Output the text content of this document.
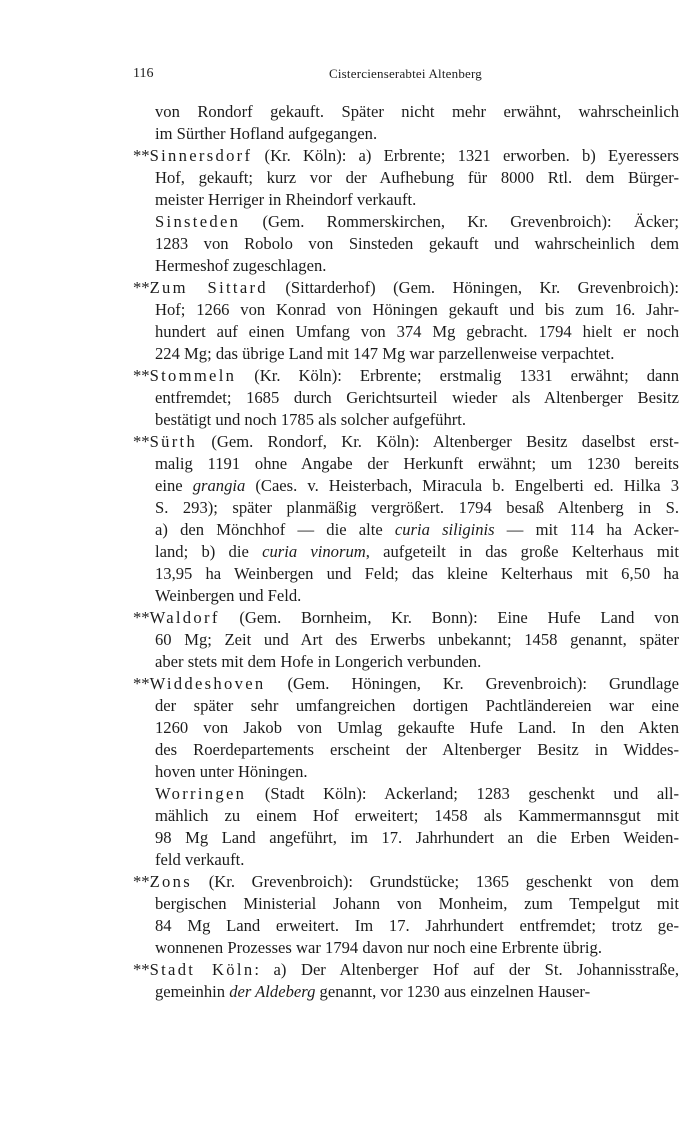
116	Cistercienserabtei Altenberg
von Rondorf gekauft. Später nicht mehr erwähnt, wahrscheinlich
im Sürther Hofland aufgegangen.
**Sinnersdorf (Kr. Köln): a) Erbrente; 1321 erworben. b) Eyeressers
Hof, gekauft; kurz vor der Aufhebung für 8000 Rtl. dem Bürger-
meister Herriger in Rheindorf verkauft.
Sinsteden (Gem. Rommerskirchen, Kr. Grevenbroich): Äcker;
1283 von Robolo von Sinsteden gekauft und wahrscheinlich dem
Hermeshof zugeschlagen.
**Zum Sittard (Sittarderhof) (Gem. Höningen, Kr. Grevenbroich):
Hof; 1266 von Konrad von Höningen gekauft und bis zum 16. Jahr-
hundert auf einen Umfang von 374 Mg gebracht. 1794 hielt er noch
224 Mg; das übrige Land mit 147 Mg war parzellenweise verpachtet.
**Stommeln (Kr. Köln): Erbrente; erstmalig 1331 erwähnt; dann
entfremdet; 1685 durch Gerichtsurteil wieder als Altenberger Besitz
bestätigt und noch 1785 als solcher aufgeführt.
**Sürth (Gem. Rondorf, Kr. Köln): Altenberger Besitz daselbst erst-
malig 1191 ohne Angabe der Herkunft erwähnt; um 1230 bereits
eine grangia (Caes. v. Heisterbach, Miracula b. Engelberti ed. Hilka 3
S. 293); später planmäßig vergrößert. 1794 besaß Altenberg in S.
a) den Mönchhof — die alte curia siliginis — mit 114 ha Acker-
land; b) die curia vinorum, aufgeteilt in das große Kelterhaus mit
13,95 ha Weinbergen und Feld; das kleine Kelterhaus mit 6,50 ha
Weinbergen und Feld.
**Waldorf (Gem. Bornheim, Kr. Bonn): Eine Hufe Land von
60 Mg; Zeit und Art des Erwerbs unbekannt; 1458 genannt, später
aber stets mit dem Hofe in Longerich verbunden.
**Widdeshoven (Gem. Höningen, Kr. Grevenbroich): Grundlage
der später sehr umfangreichen dortigen Pachtländereien war eine
1260 von Jakob von Umlag gekaufte Hufe Land. In den Akten
des Roerdepartements erscheint der Altenberger Besitz in Widdes-
hoven unter Höningen.
Worringen (Stadt Köln): Ackerland; 1283 geschenkt und all-
mählich zu einem Hof erweitert; 1458 als Kammermannsgut mit
98 Mg Land angeführt, im 17. Jahrhundert an die Erben Weiden-
feld verkauft.
**Zons (Kr. Grevenbroich): Grundstücke; 1365 geschenkt von dem
bergischen Ministerial Johann von Monheim, zum Tempelgut mit
84 Mg Land erweitert. Im 17. Jahrhundert entfremdet; trotz ge-
wonnenen Prozesses war 1794 davon nur noch eine Erbrente übrig.
**Stadt Köln: a) Der Altenberger Hof auf der St. Johannisstraße,
gemeinhin der Aldeberg genannt, vor 1230 aus einzelnen Hauser-
